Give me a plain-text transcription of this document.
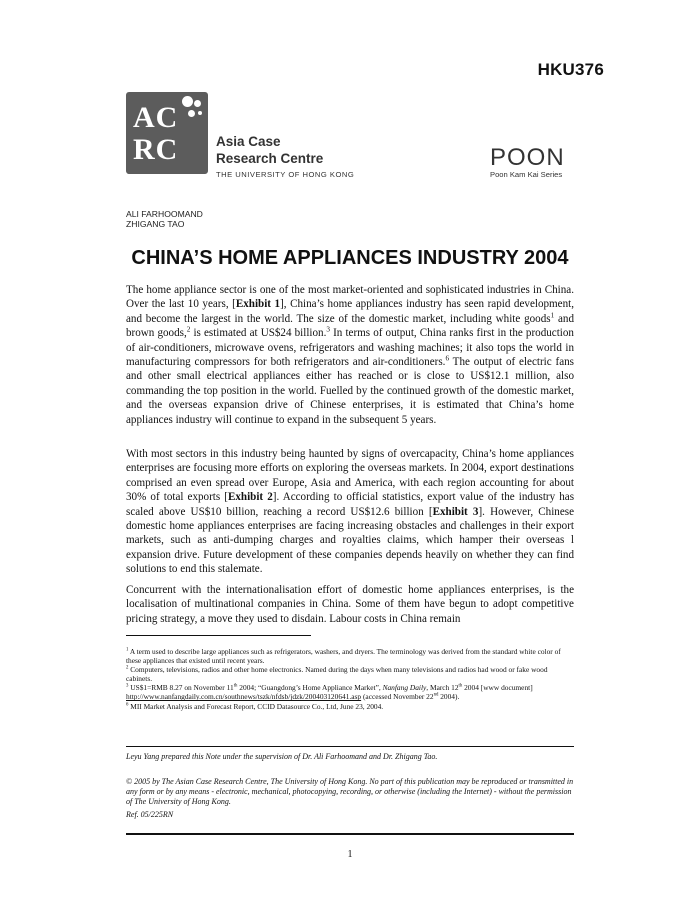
HKU376
AC
RC	Asia Case
Research Centre
THE UNIVERSITY OF HONG KONG
POON
Poon Kam Kai Series
ALI FARHOOMAND
ZHIGANG TAO
CHINA’S HOME APPLIANCES INDUSTRY 2004
The home appliance sector is one of the most market-oriented and sophisticated industries in China. Over the last 10 years, [Exhibit 1], China’s home appliances industry has seen rapid development, and become the largest in the world. The size of the domestic market, including white goods$^1$ and brown goods,$^2$ is estimated at US$24 billion.$^3$ In terms of output, China ranks first in the production of air-conditioners, microwave ovens, refrigerators and washing machines; it also tops the world in manufacturing compressors for both refrigerators and air-conditioners.$^6$ The output of electric fans and other small electrical appliances either has reached or is close to US$12.1 million, also commanding the top position in the world. Fuelled by the continued growth of the domestic market, and the overseas expansion drive of Chinese enterprises, it is estimated that China’s home appliances industry will continue to expand in the subsequent 5 years.
With most sectors in this industry being haunted by signs of overcapacity, China’s home appliances enterprises are focusing more efforts on exploring the overseas markets. In 2004, export destinations comprised an even spread over Europe, Asia and America, with each region accounting for about 30% of total exports [Exhibit 2]. According to official statistics, export value of the industry has scaled above US$10 billion, reaching a record US$12.6 billion [Exhibit 3]. However, Chinese domestic home appliances enterprises are facing increasing obstacles and challenges in their export markets, such as anti-dumping charges and royalties claims, which hamper their overseas l expansion drive. Future development of these companies depends heavily on whether they can find solutions to end this stalemate.
Concurrent with the internationalisation effort of domestic home appliances enterprises, is the localisation of multinational companies in China. Some of them have begun to adopt competitive pricing strategy, a move they used to disdain. Labour costs in China remain
$^1$ A term used to describe large appliances such as refrigerators, washers, and dryers. The terminology was derived from the standard white color of these appliances that existed until recent years.
$^2$ Computers, televisions, radios and other home electronics. Named during the days when many televisions and radios had wood or fake wood cabinets.
$^3$ US$1=RMB 8.27 on November 11th 2004; “Guangdong’s Home Appliance Market”, Nanfang Daily, March 12th 2004 [www document] http://www.nanfangdaily.com.cn/southnews/tszk/nfdsb/jdzk/200403120641.asp (accessed November 22nd 2004).
$^6$ MII Market Analysis and Forecast Report, CCID Datasource Co., Ltd, June 23, 2004.
Leyu Yang prepared this Note under the supervision of Dr. Ali Farhoomand and Dr. Zhigang Tao.
© 2005 by The Asian Case Research Centre, The University of Hong Kong. No part of this publication may be reproduced or transmitted in any form or by any means - electronic, mechanical, photocopying, recording, or otherwise (including the Internet) - without the permission of The University of Hong Kong.
Ref. 05/225RN
1
